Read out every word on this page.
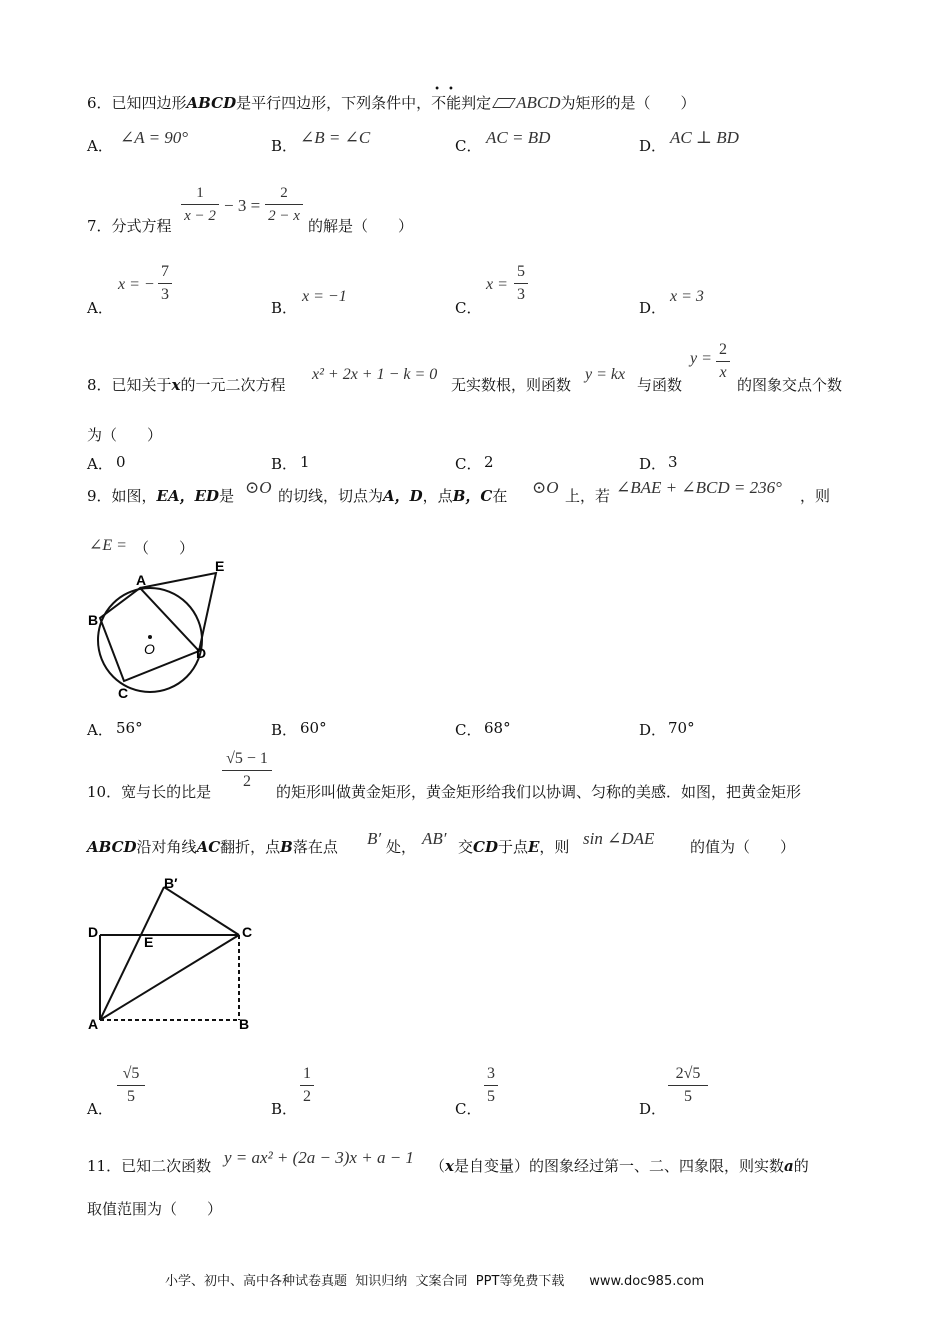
6．已知四边形ABCD是平行四边形，下列条件中，不能
••
判定 ABCD为矩形的是（　　）
A． ∠A = 90°	B． ∠B = ∠C	C． AC = BD	D． AC ⊥ BD
7．分式方程
1
x − 2
− 3 =
2
2 − x
的解是（　　）
A．
x = −
7
3
B．
x = −1
C．
x =
5
3
D．
x = 3
8．已知关于x的一元二次方程
x² + 2x + 1 − k = 0
无实数根，则函数
y = kx
与函数
y =
2
x
的图象交点个数
为（　　）
A． 0	B． 1	C． 2	D． 3
9．如图，EA，ED是 ⊙O 的切线，切点为A，D，点B，C在 ⊙O 上，若 ∠BAE + ∠BCD = 236° ，则
∠E = （　　）
A
E
B
O	D
C
A． 56°	B． 60°	C． 68°	D． 70°
10．宽与长的比是
√5 − 1
2
的矩形叫做黄金矩形，黄金矩形给我们以协调、匀称的美感．如图，把黄金矩形
ABCD沿对角线AC翻折，点B落在点 B′ 处， AB′ 交CD于点E，则 sin ∠DAE 的值为（　　）
B′
D
E
C
A	B
A．
√5
5
B．
1
2
C．
3
5
D．
2√5
5
11．已知二次函数 y = ax² + (2a − 3)x + a − 1 （x是自变量）的图象经过第一、二、四象限，则实数a的
取值范围为（　　）
小学、初中、高中各种试卷真题  知识归纳  文案合同  PPT等免费下载      www.doc985.com
